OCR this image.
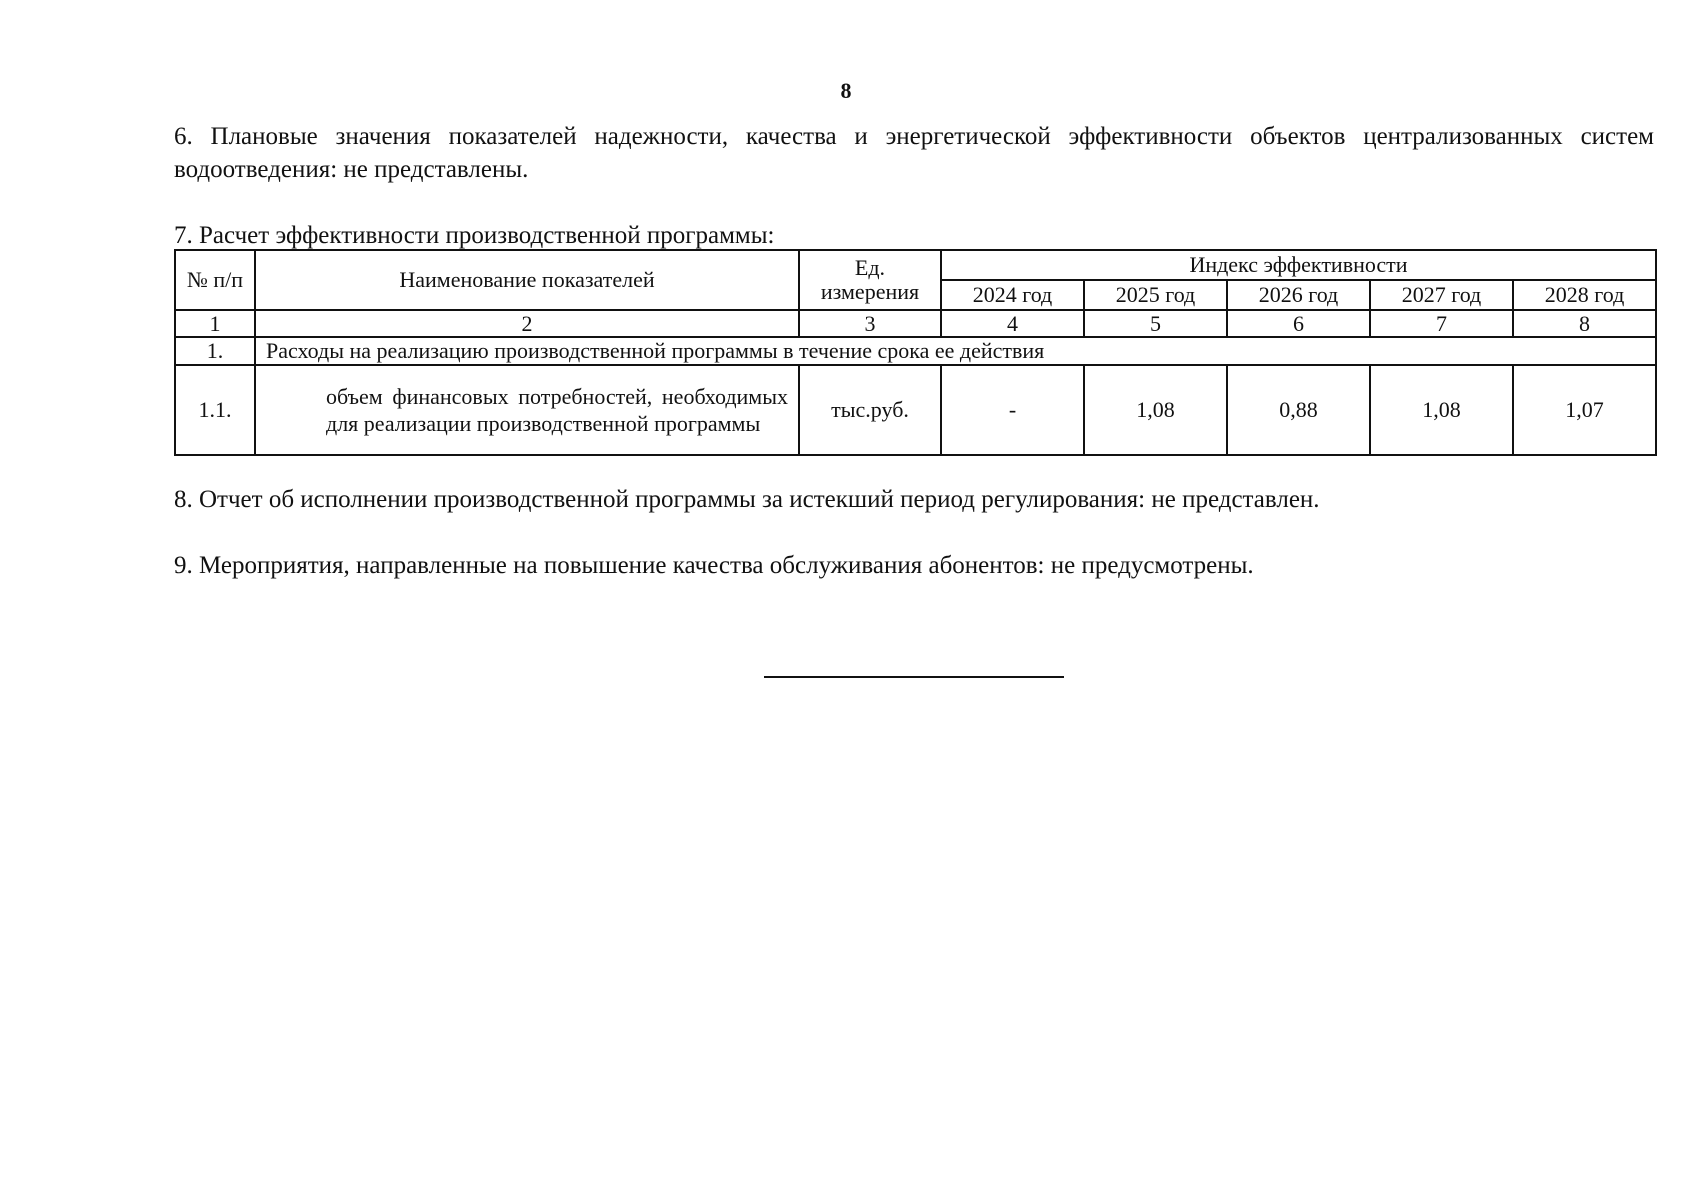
8
6. Плановые значения показателей надежности, качества и энергетической эффективности объектов централизованных систем водоотведения: не представлены.
7. Расчет эффективности производственной программы:
№ п/п	Наименование показателей	Ед. измерения	Индекс эффективности				
			2024 год	2025 год	2026 год	2027 год	2028 год
1	2	3	4	5	6	7	8
1.	Расходы на реализацию производственной программы в течение срока ее действия						
1.1.	объем финансовых потребностей, необходимых для реализации производственной программы	тыс.руб.	-	1,08	0,88	1,08	1,07
8. Отчет об исполнении производственной программы за истекший период регулирования: не представлен.
9. Мероприятия, направленные на повышение качества обслуживания абонентов: не предусмотрены.
